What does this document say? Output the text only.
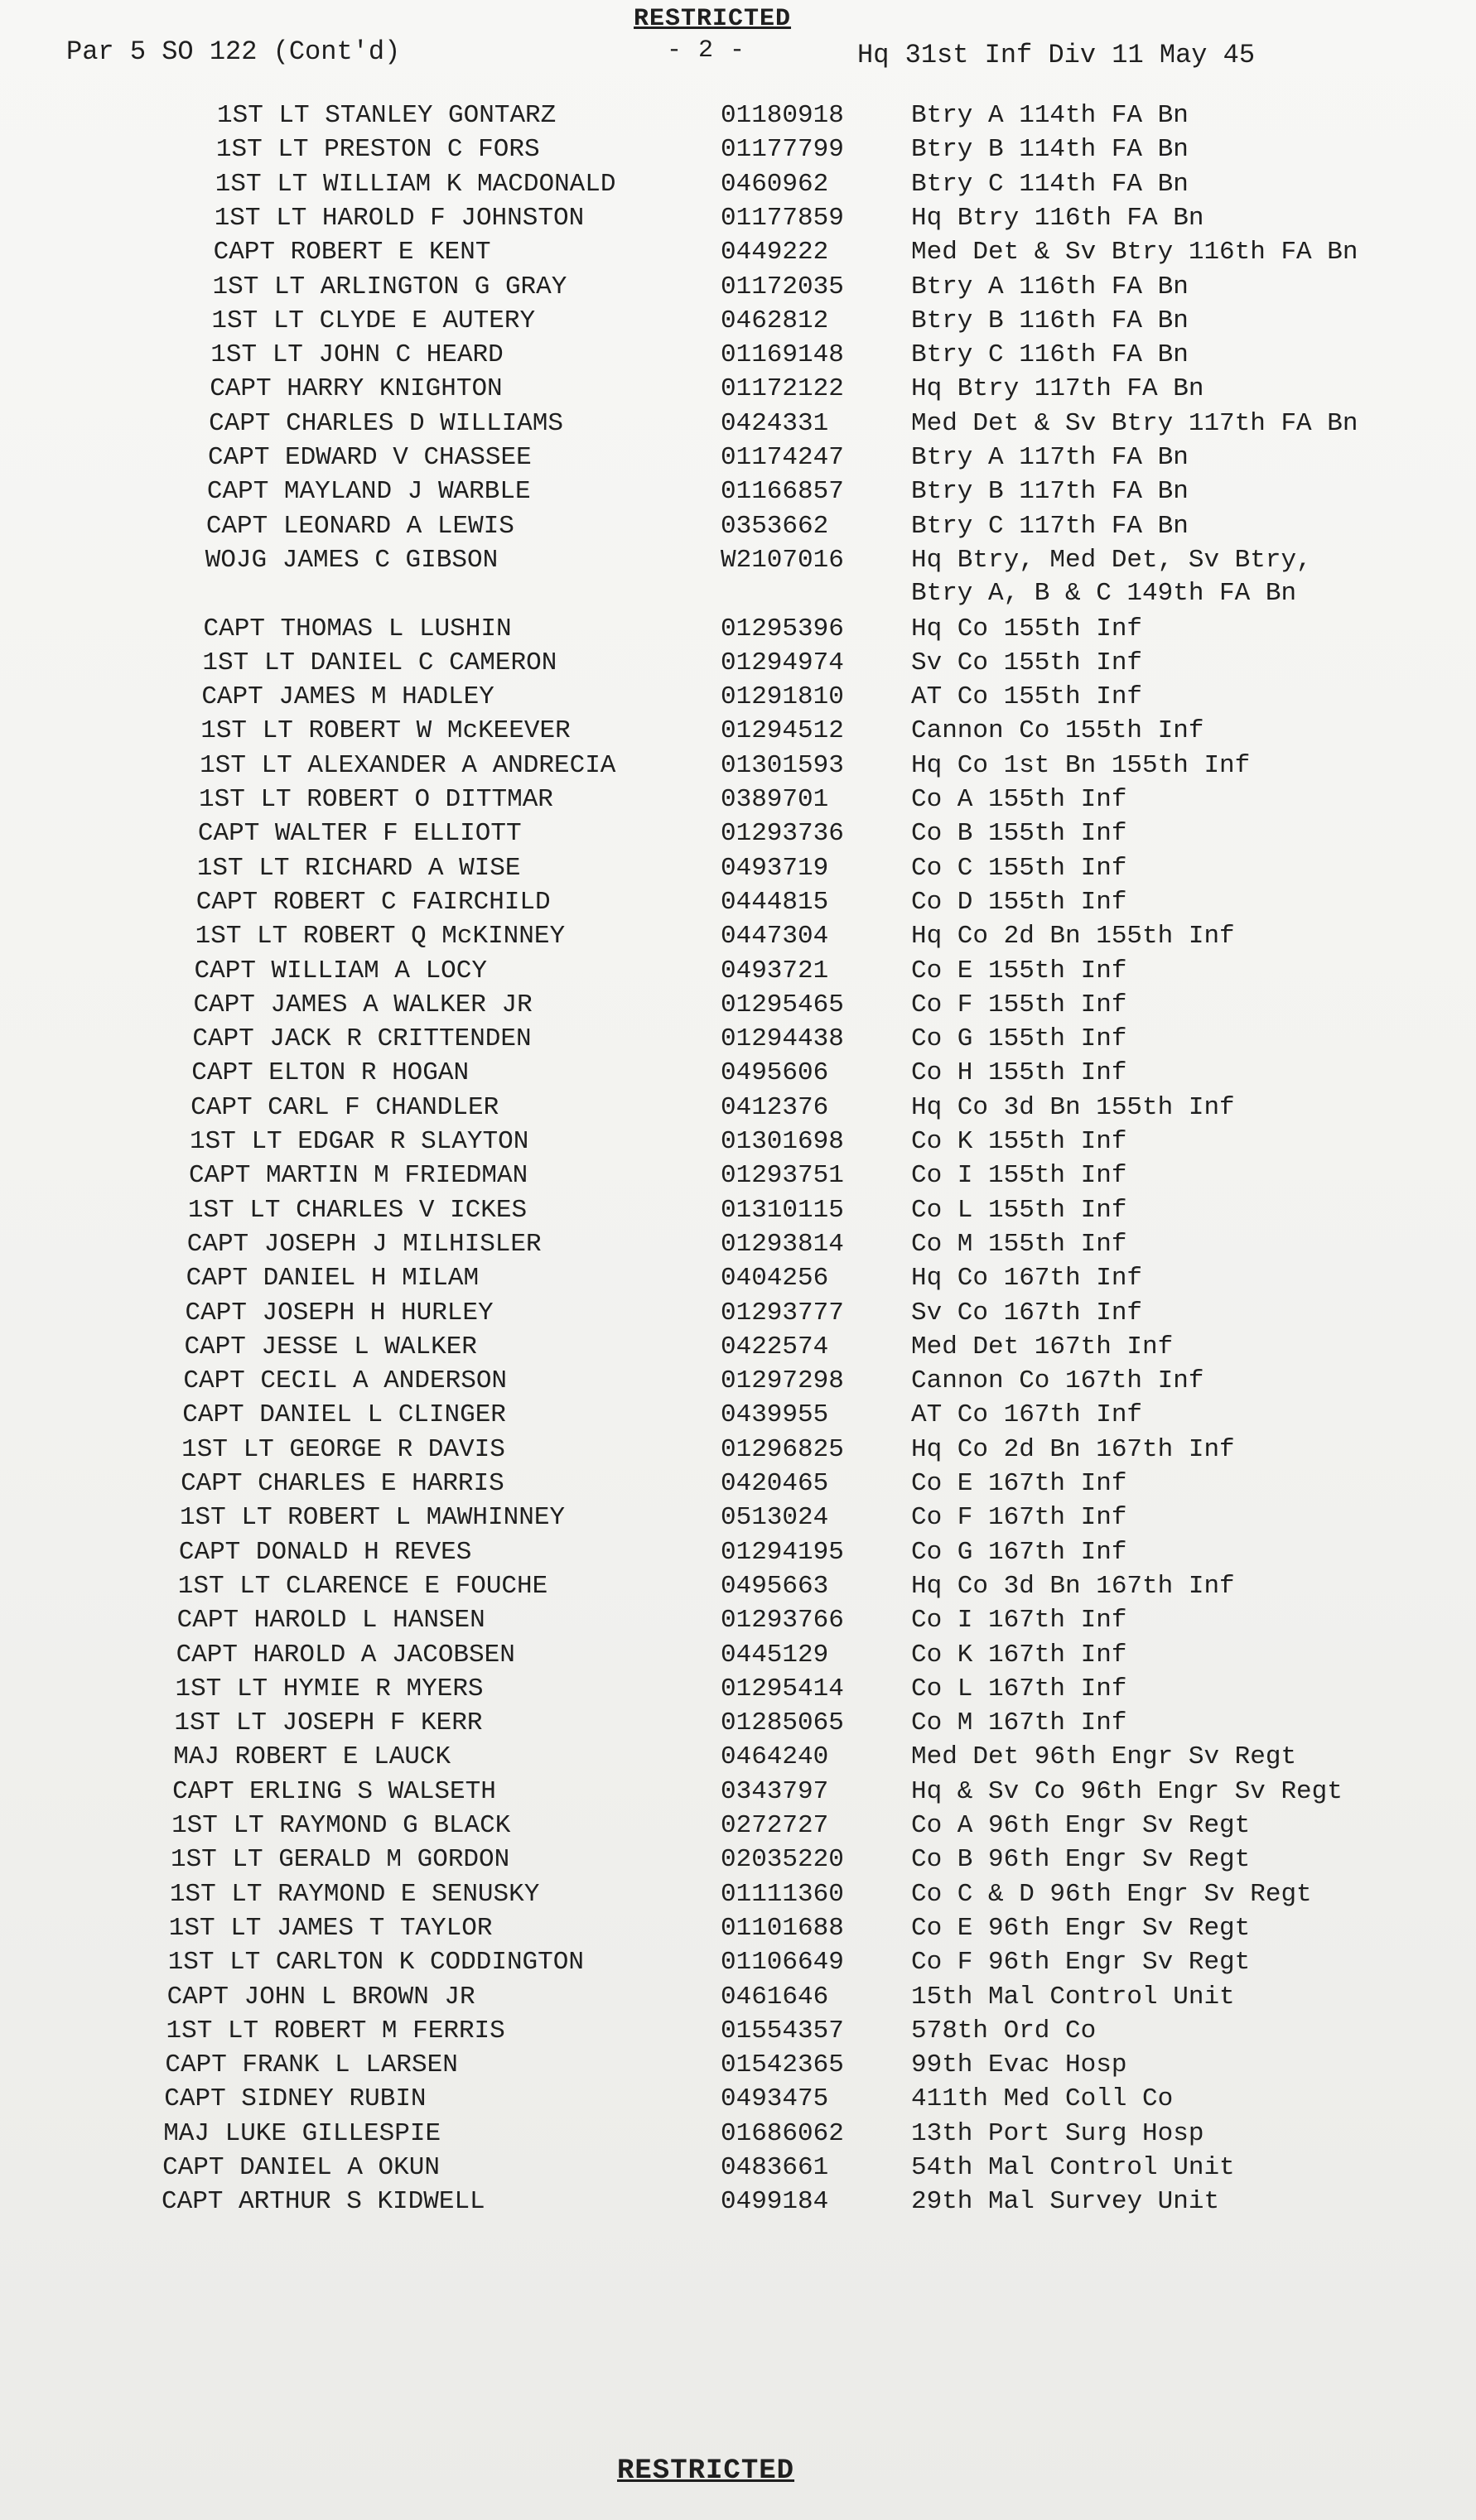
RESTRICTED
- 2 -
Par 5 SO 122 (Cont'd)	Hq 31st Inf Div 11 May 45
1ST LT STANLEY GONTARZ	01180918	Btry A 114th FA Bn
1ST LT PRESTON C FORS	01177799	Btry B 114th FA Bn
1ST LT WILLIAM K MACDONALD	0460962	Btry C 114th FA Bn
1ST LT HAROLD F JOHNSTON	01177859	Hq Btry 116th FA Bn
CAPT ROBERT E KENT	0449222	Med Det & Sv Btry 116th FA Bn
1ST LT ARLINGTON G GRAY	01172035	Btry A 116th FA Bn
1ST LT CLYDE E AUTERY	0462812	Btry B 116th FA Bn
1ST LT JOHN C HEARD	01169148	Btry C 116th FA Bn
CAPT HARRY KNIGHTON	01172122	Hq Btry 117th FA Bn
CAPT CHARLES D WILLIAMS	0424331	Med Det & Sv Btry 117th FA Bn
CAPT EDWARD V CHASSEE	01174247	Btry A 117th FA Bn
CAPT MAYLAND J WARBLE	01166857	Btry B 117th FA Bn
CAPT LEONARD A LEWIS	0353662	Btry C 117th FA Bn
WOJG JAMES C GIBSON	W2107016	Hq Btry, Med Det, Sv Btry,
Btry A, B & C 149th FA Bn
CAPT THOMAS L LUSHIN	01295396	Hq Co 155th Inf
1ST LT DANIEL C CAMERON	01294974	Sv Co 155th Inf
CAPT JAMES M HADLEY	01291810	AT Co 155th Inf
1ST LT ROBERT W McKEEVER	01294512	Cannon Co 155th Inf
1ST LT ALEXANDER A ANDRECIA	01301593	Hq Co 1st Bn 155th Inf
1ST LT ROBERT O DITTMAR	0389701	Co A 155th Inf
CAPT WALTER F ELLIOTT	01293736	Co B 155th Inf
1ST LT RICHARD A WISE	0493719	Co C 155th Inf
CAPT ROBERT C FAIRCHILD	0444815	Co D 155th Inf
1ST LT ROBERT Q McKINNEY	0447304	Hq Co 2d Bn 155th Inf
CAPT WILLIAM A LOCY	0493721	Co E 155th Inf
CAPT JAMES A WALKER JR	01295465	Co F 155th Inf
CAPT JACK R CRITTENDEN	01294438	Co G 155th Inf
CAPT ELTON R HOGAN	0495606	Co H 155th Inf
CAPT CARL F CHANDLER	0412376	Hq Co 3d Bn 155th Inf
1ST LT EDGAR R SLAYTON	01301698	Co K 155th Inf
CAPT MARTIN M FRIEDMAN	01293751	Co I 155th Inf
1ST LT CHARLES V ICKES	01310115	Co L 155th Inf
CAPT JOSEPH J MILHISLER	01293814	Co M 155th Inf
CAPT DANIEL H MILAM	0404256	Hq Co 167th Inf
CAPT JOSEPH H HURLEY	01293777	Sv Co 167th Inf
CAPT JESSE L WALKER	0422574	Med Det 167th Inf
CAPT CECIL A ANDERSON	01297298	Cannon Co 167th Inf
CAPT DANIEL L CLINGER	0439955	AT Co 167th Inf
1ST LT GEORGE R DAVIS	01296825	Hq Co 2d Bn 167th Inf
CAPT CHARLES E HARRIS	0420465	Co E 167th Inf
1ST LT ROBERT L MAWHINNEY	0513024	Co F 167th Inf
CAPT DONALD H REVES	01294195	Co G 167th Inf
1ST LT CLARENCE E FOUCHE	0495663	Hq Co 3d Bn 167th Inf
CAPT HAROLD L HANSEN	01293766	Co I 167th Inf
CAPT HAROLD A JACOBSEN	0445129	Co K 167th Inf
1ST LT HYMIE R MYERS	01295414	Co L 167th Inf
1ST LT JOSEPH F KERR	01285065	Co M 167th Inf
MAJ ROBERT E LAUCK	0464240	Med Det 96th Engr Sv Regt
CAPT ERLING S WALSETH	0343797	Hq & Sv Co 96th Engr Sv Regt
1ST LT RAYMOND G BLACK	0272727	Co A 96th Engr Sv Regt
1ST LT GERALD M GORDON	02035220	Co B 96th Engr Sv Regt
1ST LT RAYMOND E SENUSKY	01111360	Co C & D 96th Engr Sv Regt
1ST LT JAMES T TAYLOR	01101688	Co E 96th Engr Sv Regt
1ST LT CARLTON K CODDINGTON	01106649	Co F 96th Engr Sv Regt
CAPT JOHN L BROWN JR	0461646	15th Mal Control Unit
1ST LT ROBERT M FERRIS	01554357	578th Ord Co
CAPT FRANK L LARSEN	01542365	99th Evac Hosp
CAPT SIDNEY RUBIN	0493475	411th Med Coll Co
MAJ LUKE GILLESPIE	01686062	13th Port Surg Hosp
CAPT DANIEL A OKUN	0483661	54th Mal Control Unit
CAPT ARTHUR S KIDWELL	0499184	29th Mal Survey Unit
RESTRICTED
